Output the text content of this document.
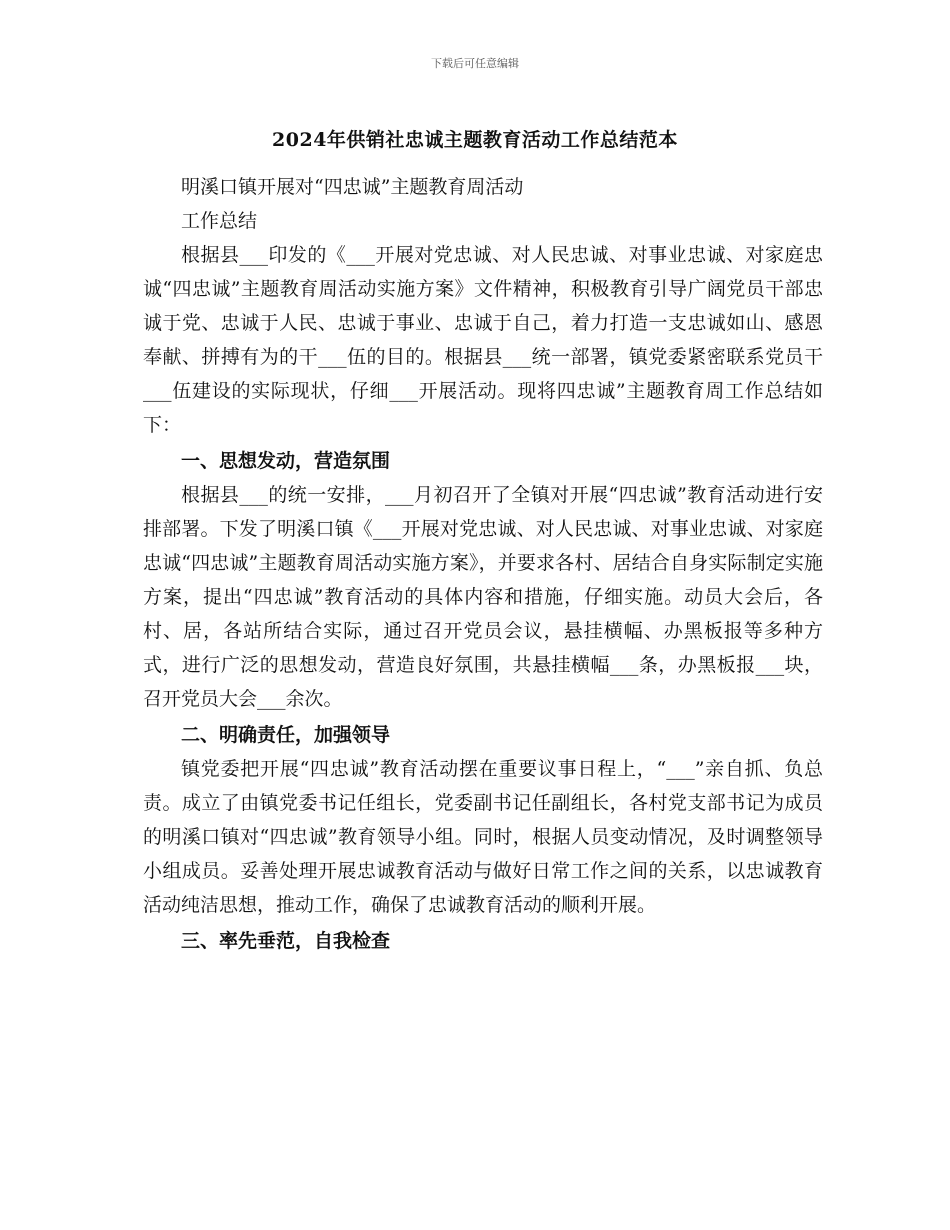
下载后可任意编辑
2024年供销社忠诚主题教育活动工作总结范本

明溪口镇开展对“四忠诚”主题教育周活动

工作总结

根据县___印发的《___开展对党忠诚、对人民忠诚、对事业忠诚、对家庭忠诚“四忠诚”主题教育周活动实施方案》文件精神，积极教育引导广阔党员干部忠诚于党、忠诚于人民、忠诚于事业、忠诚于自己，着力打造一支忠诚如山、感恩奉献、拼搏有为的干___伍的目的。根据县___统一部署，镇党委紧密联系党员干___伍建设的实际现状，仔细___开展活动。现将四忠诚”主题教育周工作总结如下：

一、思想发动，营造氛围

根据县___的统一安排，___月初召开了全镇对开展“四忠诚”教育活动进行安排部署。下发了明溪口镇《___开展对党忠诚、对人民忠诚、对事业忠诚、对家庭忠诚“四忠诚”主题教育周活动实施方案》，并要求各村、居结合自身实际制定实施方案，提出“四忠诚”教育活动的具体内容和措施，仔细实施。动员大会后，各村、居，各站所结合实际，通过召开党员会议，悬挂横幅、办黑板报等多种方式，进行广泛的思想发动，营造良好氛围，共悬挂横幅___条，办黑板报___块，召开党员大会___余次。

二、明确责任，加强领导

镇党委把开展“四忠诚”教育活动摆在重要议事日程上，“___”亲自抓、负总责。成立了由镇党委书记任组长，党委副书记任副组长，各村党支部书记为成员的明溪口镇对“四忠诚”教育领导小组。同时，根据人员变动情况，及时调整领导小组成员。妥善处理开展忠诚教育活动与做好日常工作之间的关系，以忠诚教育活动纯洁思想，推动工作，确保了忠诚教育活动的顺利开展。

三、率先垂范，自我检查
